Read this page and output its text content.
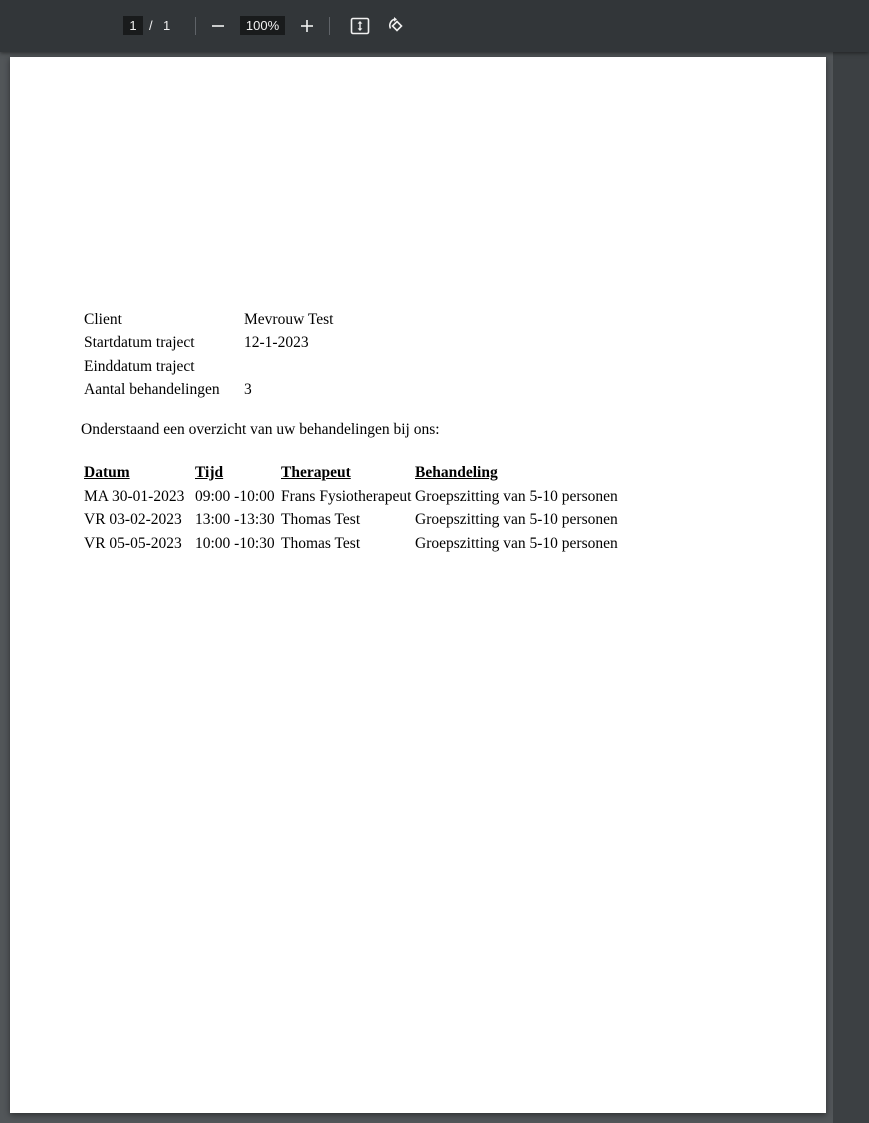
1 / 1	100%
Client	Mevrouw Test
Startdatum traject	12-1-2023
Einddatum traject	
Aantal behandelingen	3
Onderstaand een overzicht van uw behandelingen bij ons:
Datum	Tijd	Therapeut	Behandeling
MA 30-01-2023	09:00 -10:00	Frans Fysiotherapeut	Groepszitting van 5-10 personen
VR 03-02-2023	13:00 -13:30	Thomas Test	Groepszitting van 5-10 personen
VR 05-05-2023	10:00 -10:30	Thomas Test	Groepszitting van 5-10 personen
